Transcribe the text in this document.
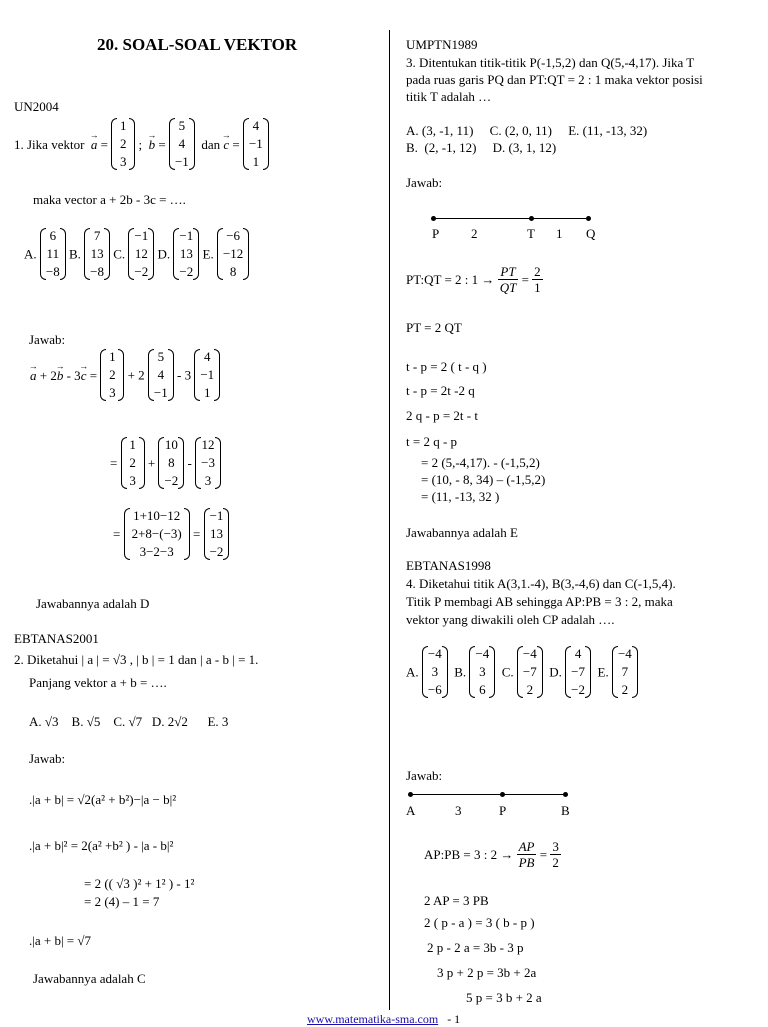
20. SOAL-SOAL VEKTOR
UN2004
1. Jika vektor a → =
1
2
3
;  b → =
5
4
−1
dan c → =
4
−1
1
maka vector a + 2b - 3c = ….
A.
6
11
−8
B.
7
13
−8
C.
−1
12
−2
D.
−1
13
−2
E.
−6
−12
8
Jawab:
a → + 2b → - 3c → =
1
2
3
+ 2
5
4
−1
- 3
4
−1
1
=
1
2
3
+
10
8
−2
-
12
−3
3
=
1+10−12
2+8−(−3)
3−2−3
=
−1
13
−2
Jawabannya adalah D
EBTANAS2001
2. Diketahui | a | = √3 , | b | = 1 dan | a - b | = 1.
Panjang vektor a + b = ….
A. √3 B. √5 C. √7 D. 2√2 E. 3
Jawab:
.|a + b| = √2(a² + b²)−|a − b|²
.|a + b|² = 2(a² +b² ) - |a - b|²
= 2 (( √3 )² + 1² ) - 1²
= 2 (4) – 1 = 7
.|a + b| = √7
Jawabannya adalah C
UMPTN1989
3. Ditentukan titik-titik P(-1,5,2) dan Q(5,-4,17). Jika T
pada ruas garis PQ dan PT:QT = 2 : 1 maka vektor posisi
titik T adalah …
A. (3, -1, 11)     C. (2, 0, 11)     E. (11, -13, 32)
B.  (2, -1, 12)     D. (3, 1, 12)
Jawab:
P 2	T 1 Q
PT:QT = 2 : $1 \to \frac{PT}{QT} = \frac{2}{1}$
PT = 2 QT
t - p = 2 ( t - q )
t - p = 2t -2 q
2 q - p = 2t - t
t = 2 q - p
= 2 (5,-4,17). - (-1,5,2)
= (10, - 8, 34) – (-1,5,2)
= (11, -13, 32 )
Jawabannya adalah E
EBTANAS1998
4. Diketahui titik A(3,1.-4), B(3,-4,6) dan C(-1,5,4).
Titik P membagi AB sehingga AP:PB = 3 : 2, maka
vektor yang diwakili oleh CP adalah ….
A.
−4
3
−6
B.
−4
3
6
C.
−4
−7
2
D.
4
−7
−2
E.
−4
7
2
Jawab:
A	3	P	B
AP:PB = 3 : $2 \to \frac{AP}{PB} = \frac{3}{2}$
2 AP = 3 PB
2 ( p - a ) = 3 ( b - p )
2 p - 2 a = 3b - 3 p
3 p + 2 p = 3b + 2a
5 p = 3 b + 2 a
www.matematika-sma.com - 1
